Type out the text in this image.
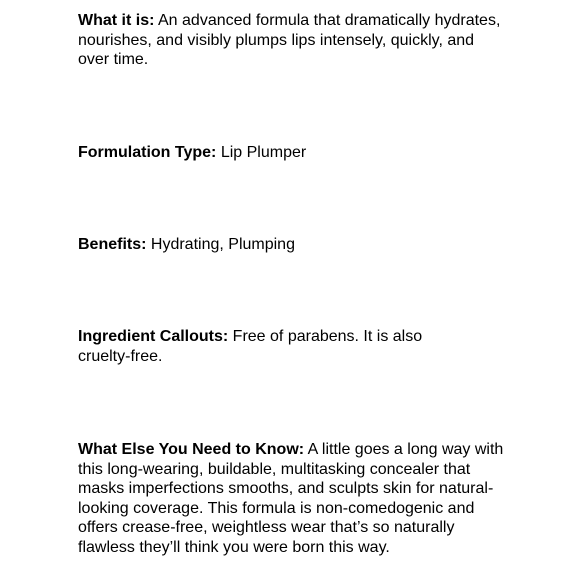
What it is: An advanced formula that dramatically hydrates, nourishes, and visibly plumps lips intensely, quickly, and over time.

Formulation Type: Lip Plumper

Benefits: Hydrating, Plumping

Ingredient Callouts: Free of parabens. It is also cruelty-free.

What Else You Need to Know: A little goes a long way with this long-wearing, buildable, multitasking concealer that masks imperfections smooths, and sculpts skin for natural-looking coverage. This formula is non-comedogenic and offers crease-free, weightless wear that’s so naturally flawless they’ll think you were born this way.
